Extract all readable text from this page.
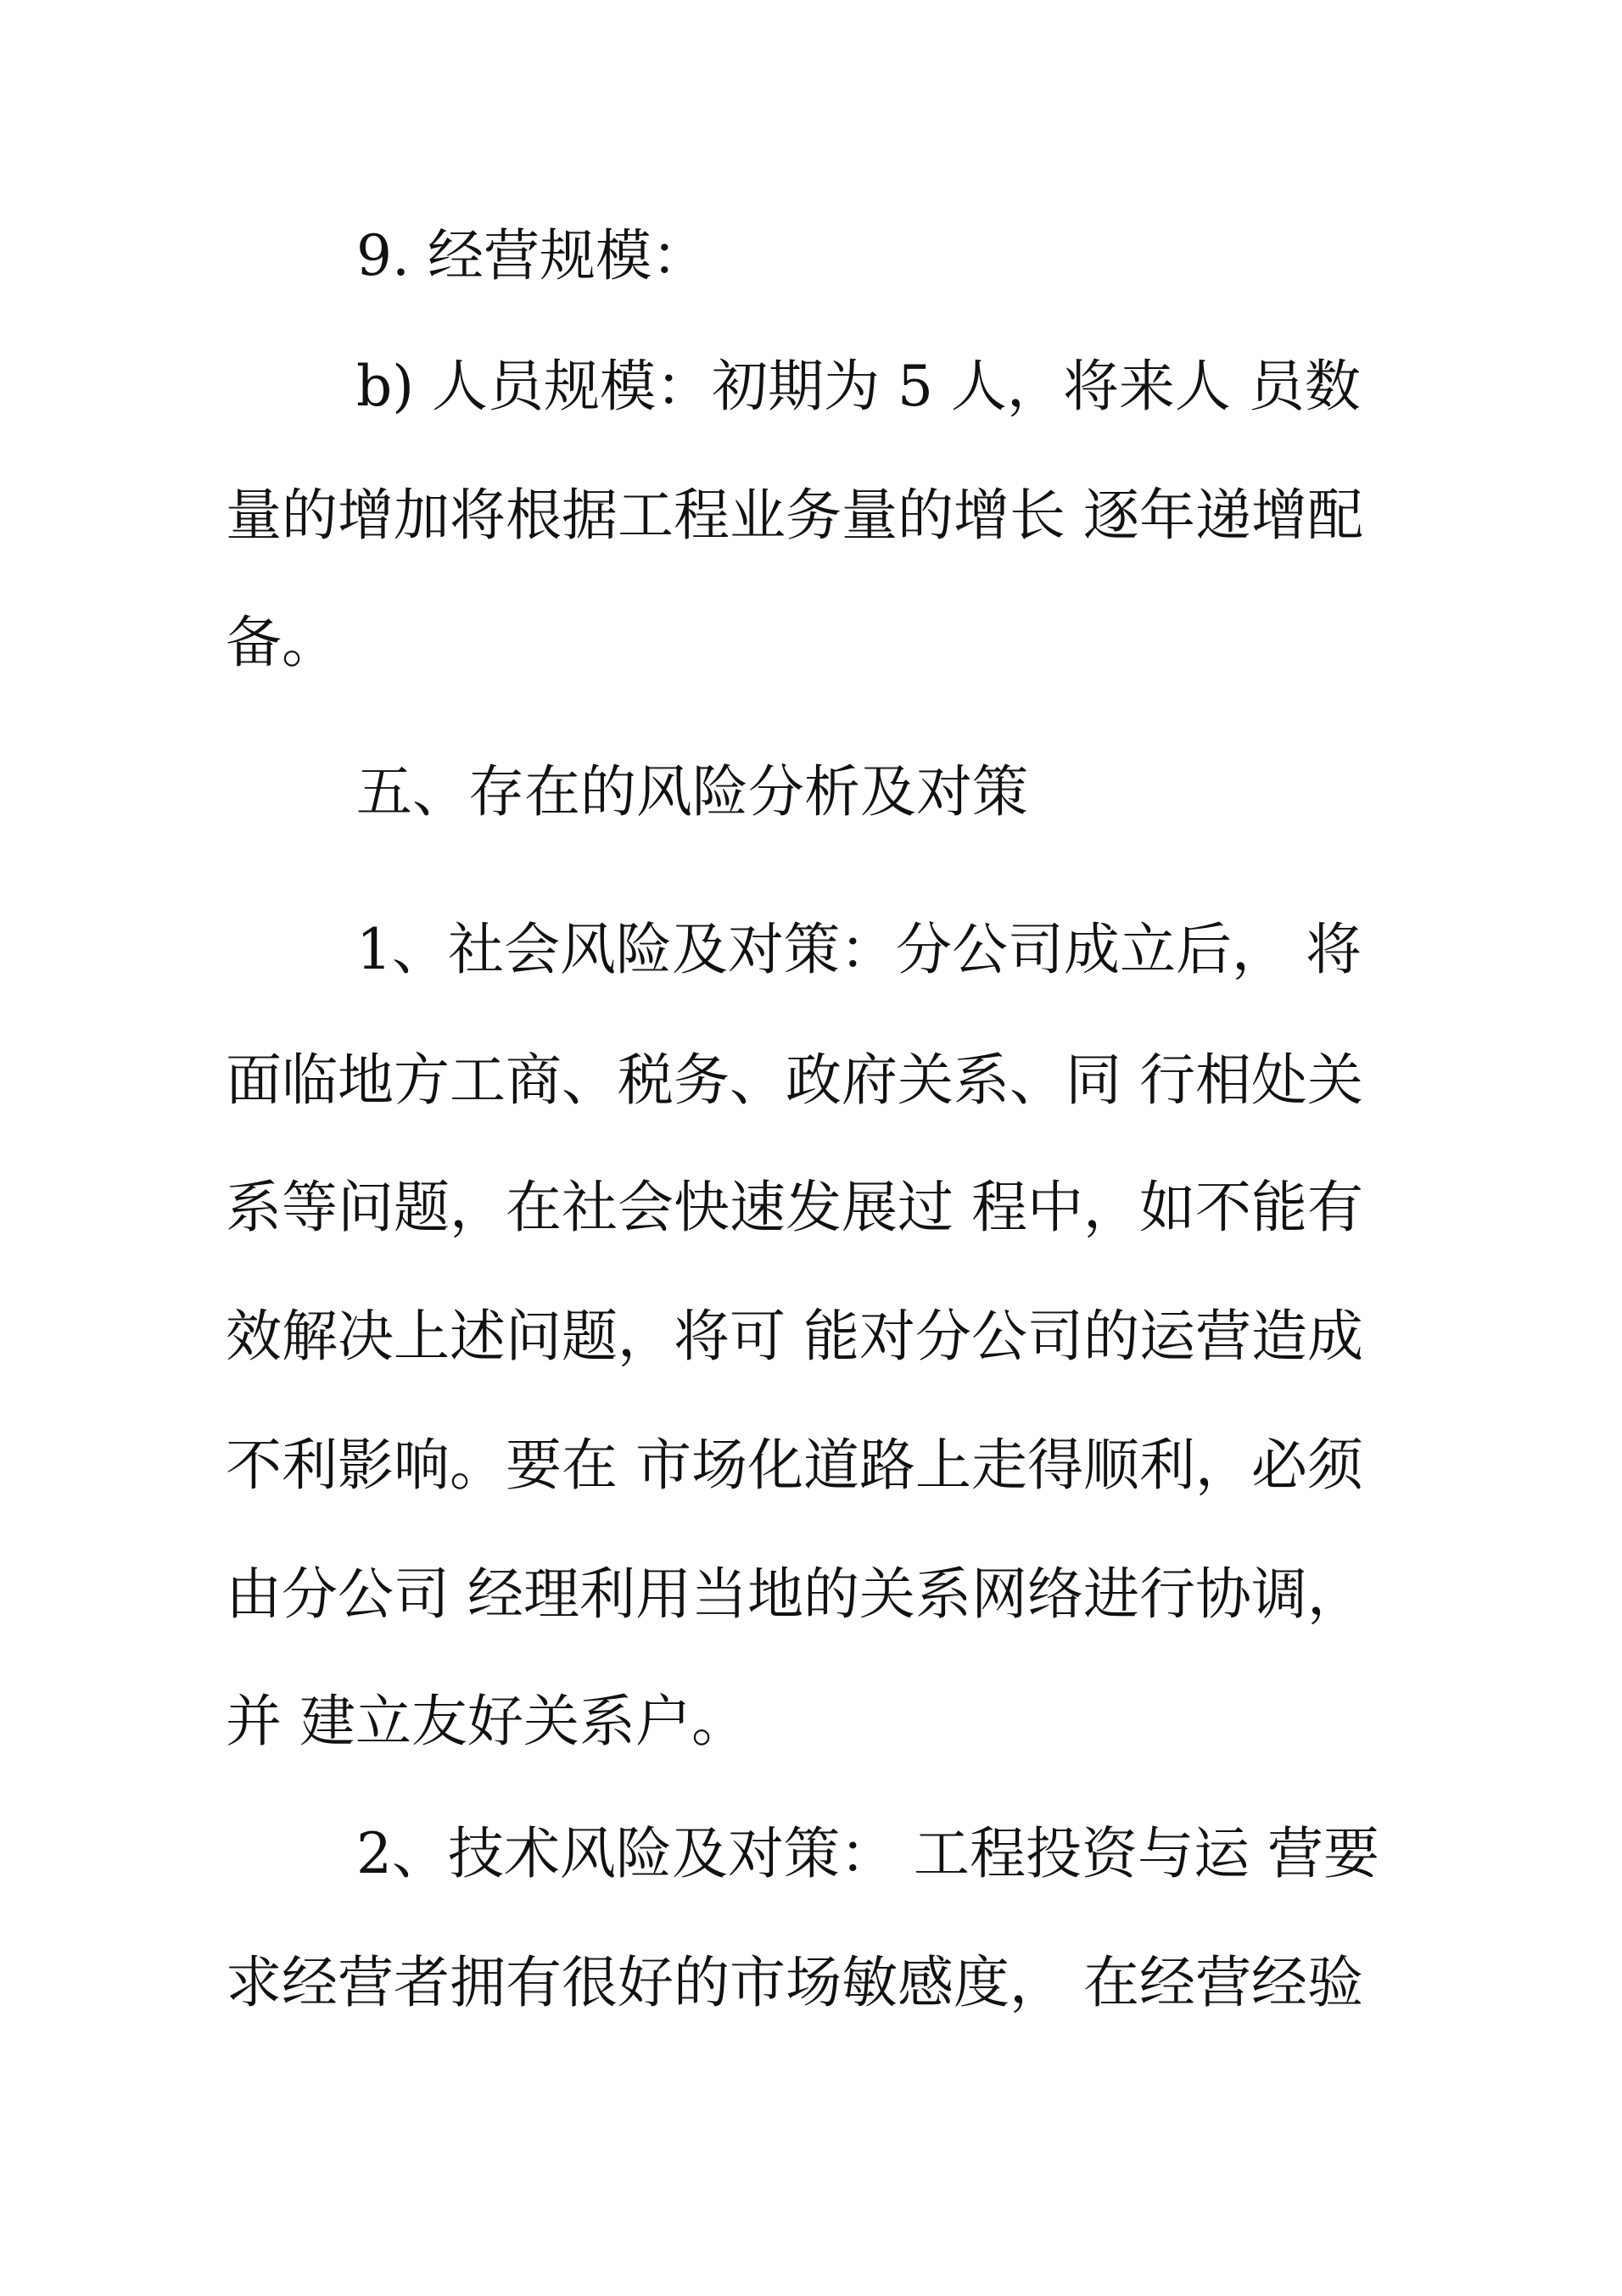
9. 经营规模：
b) 人员规模：初期为 5 人，将来人 员数
量的增加将根据工程业务量的增长 逐年递增配
备。
五、存在的风险分析及对策
1、社会风险及对策：分公司成立后， 将
面临地方工商、税务、政府关系、同 行相处关
系等问题，在社会快速发展过 程中，如不能有
效解决上述问题，将可 能对分公司的运营造成
不利影响。要在 市场化道路上走得顺利，必须
由分公司 经理利用当地的关系网络进行协调，
并 建立友好关系户。
2、技术风险及对策： 工程投资与运 营要
求经营者拥有很好的市场敏感度， 在经营经验
